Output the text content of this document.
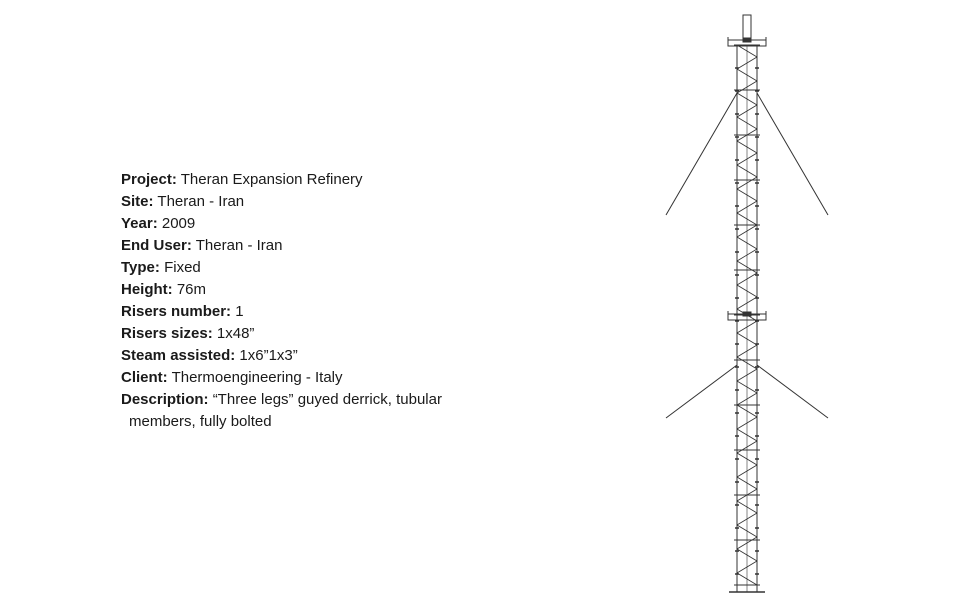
Project: Theran Expansion Refinery
Site: Theran - Iran
Year: 2009
End User: Theran - Iran
Type: Fixed
Height: 76m
Risers number: 1
Risers sizes: 1x48”
Steam assisted: 1x6”1x3”
Client: Thermoengineering - Italy
Description: “Three legs” guyed derrick, tubular
members, fully bolted
